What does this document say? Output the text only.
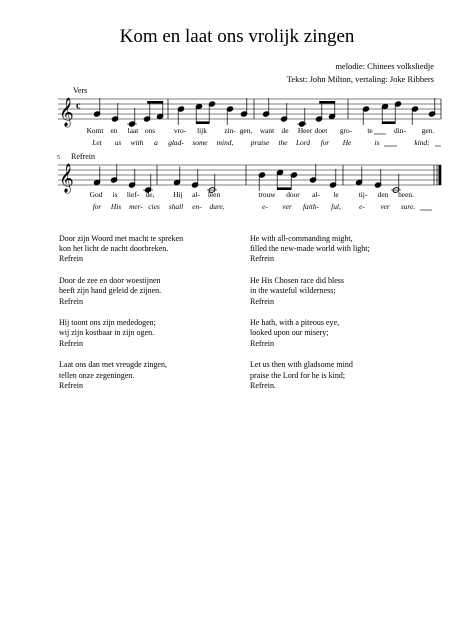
Kom en laat ons vrolijk zingen
melodie: Chinees volksliedje
Tekst: John Milton, vertaling: Joke Ribbers
Vers
𝄞 c
Komt en laat ons	vro- lijk zin- gen, want de Heer doet gro- te	din- gen.
Let us with a glad- some mind, praise the Lord for He	is	kind;
5 Refrein
𝄞
God is lief- de,	Hij al- leen	trouw door al- le	tij- den heen.
for His mer- cies shall en- dure,	e- ver faith- ful, e- ver sure.
Door zijn Woord met macht te spreken
kon het licht de nacht doorbreken.
Refrein
Door de zee en door woestijnen
heeft zijn hand geleid de zijnen.
Refrein
Hij toont ons zijn mededogen;
wij zijn kostbaar in zijn ogen.
Refrein
Laat ons dan met vreugde zingen,
tellen onze zegeningen.
Refrein
He with all-commanding might,
filled the new-made world with light;
Refrein
He His Chosen race did bless
in the wasteful wilderness;
Refrein
He hath, with a piteous eye,
looked upon our misery;
Refrein
Let us then with gladsome mind
praise the Lord for he is kind;
Refrein.
